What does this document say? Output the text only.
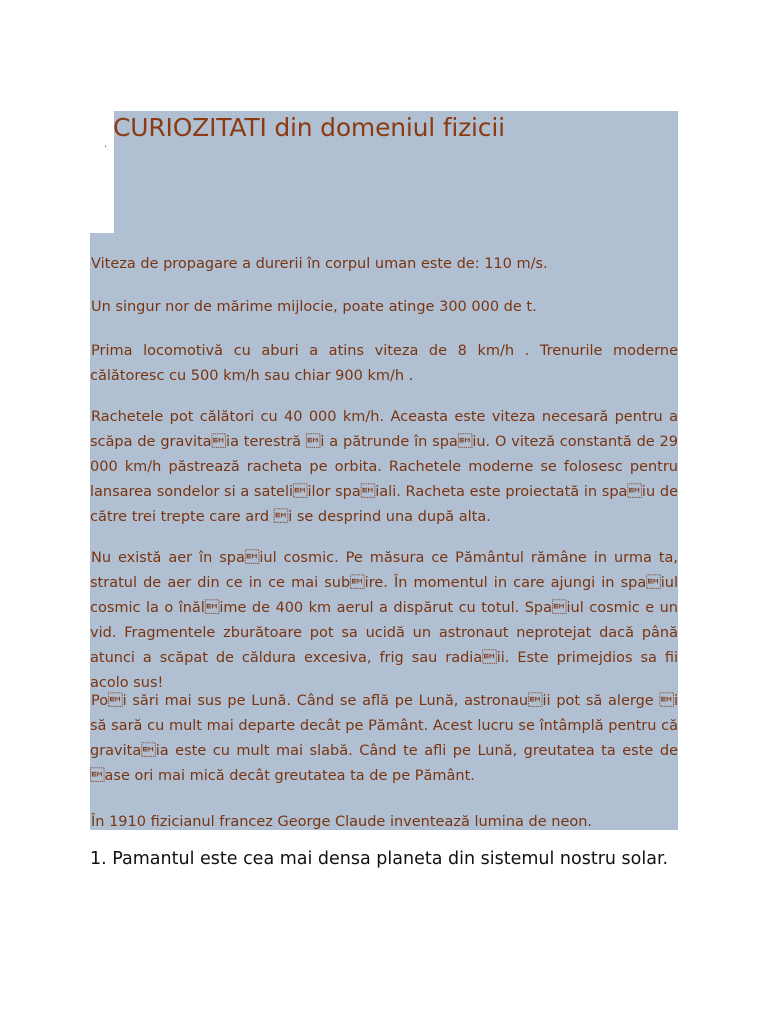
.
CURIOZITATI din domeniul fizicii

Viteza de propagare a durerii în corpul uman este de: 110 m/s.

Un singur nor de mărime mijlocie, poate atinge 300 000 de t.

Prima locomotivă cu aburi a atins viteza de 8 km/h . Trenurile moderne călătoresc cu 500 km/h sau chiar 900 km/h .

Rachetele pot călători cu 40 000 km/h. Aceasta este viteza necesară pentru a scăpa de gravitaia terestră i a pătrunde în spaiu. O viteză constantă de 29 000 km/h păstrează racheta pe orbita. Rachetele moderne se folosesc pentru lansarea sondelor si a sateliilor spaiali. Racheta este proiectată in spaiu de către trei trepte care ard i se desprind una după alta.

Nu există aer în spaiul cosmic. Pe măsura ce Pământul rămâne in urma ta, stratul de aer din ce in ce mai subire. În momentul in care ajungi in spaiul cosmic la o înălime de 400 km aerul a dispărut cu totul. Spaiul cosmic e un vid. Fragmentele zburătoare pot sa ucidă un astronaut neprotejat dacă până atunci a scăpat de căldura excesiva, frig sau radiaii. Este primejdios sa fii acolo sus!

Poi sări mai sus pe Lună. Când se află pe Lună, astronauii pot să alerge i să sară cu mult mai departe decât pe Pământ. Acest lucru se întâmplă pentru că gravitaia este cu mult mai slabă. Când te afli pe Lună, greutatea ta este de ase ori mai mică decât greutatea ta de pe Pământ.

În 1910 fizicianul francez George Claude inventează lumina de neon.

1. Pamantul este cea mai densa planeta din sistemul nostru solar.
